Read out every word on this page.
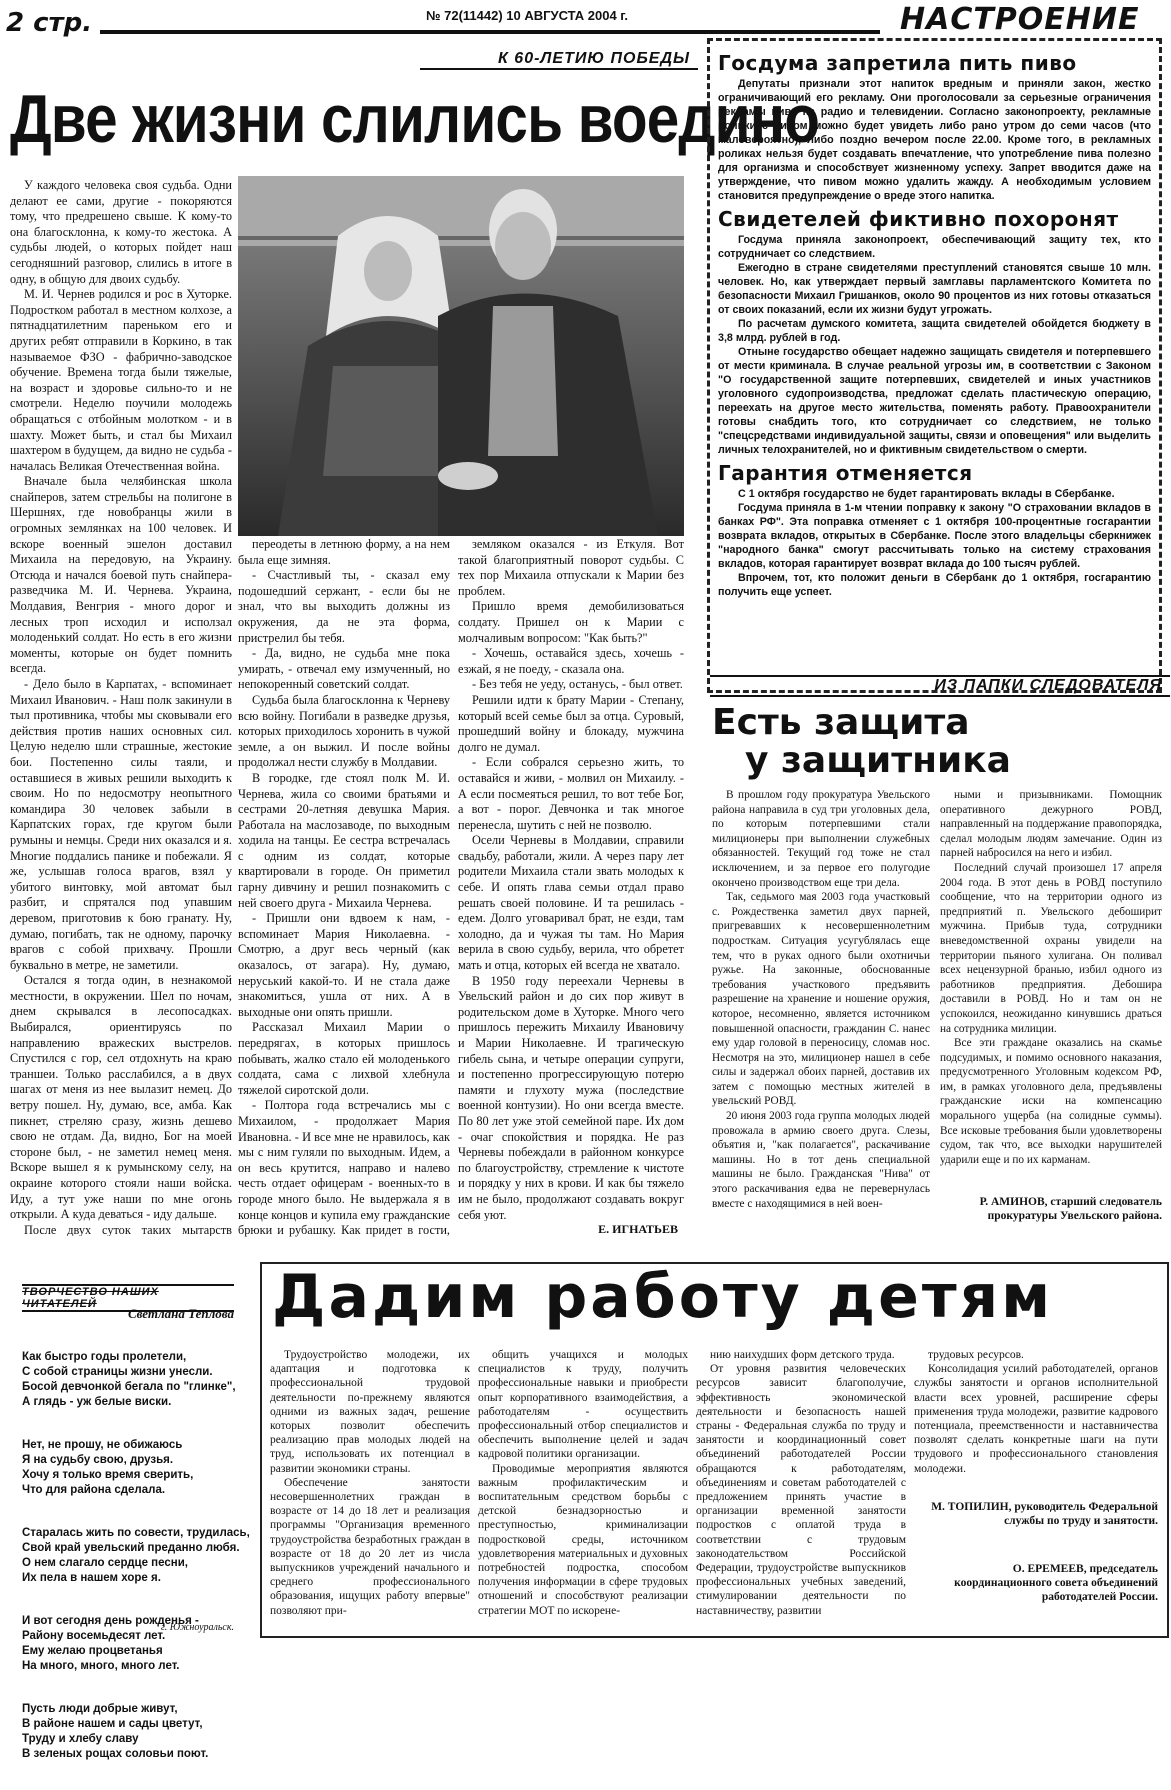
2 стр.	№ 72(11442) 10 АВГУСТА 2004 г.	НАСТРОЕНИЕ
К 60-ЛЕТИЮ ПОБЕДЫ
Две жизни слились воедино

У каждого человека своя судьба. Одни делают ее сами, другие - покоряются тому, что предрешено свыше. К кому-то она благосклонна, к кому-то жестока. А судьбы людей, о которых пойдет наш сегодняшний разговор, слились в итоге в одну, в общую для двоих судьбу.

М. И. Чернев родился и рос в Хуторке. Подростком работал в местном колхозе, а пятнадцатилетним пареньком его и других ребят отправили в Коркино, в так называемое ФЗО - фабрично-заводское обучение. Времена тогда были тяжелые, на возраст и здоровье сильно-то и не смотрели. Неделю поучили молодежь обращаться с отбойным молотком - и в шахту. Может быть, и стал бы Михаил шахтером в будущем, да видно не судьба - началась Великая Отечественная война.

Вначале была челябинская школа снайперов, затем стрельбы на полигоне в Шершнях, где новобранцы жили в огромных землянках на 100 человек. И вскоре военный эшелон доставил Михаила на передовую, на Украину. Отсюда и начался боевой путь снайпера-разведчика М. И. Чернева. Украина, Молдавия, Венгрия - много дорог и лесных троп исходил и исползал молоденький солдат. Но есть в его жизни моменты, которые он будет помнить всегда.

- Дело было в Карпатах, - вспоминает Михаил Иванович. - Наш полк закинули в тыл противника, чтобы мы сковывали его действия против наших основных сил. Целую неделю шли страшные, жестокие бои. Постепенно силы таяли, и оставшиеся в живых решили выходить к своим. Но по недосмотру неопытного командира 30 человек забыли в Карпатских горах, где кругом были румыны и немцы. Среди них оказался и я. Многие поддались панике и побежали. Я же, услышав голоса врагов, взял у убитого винтовку, мой автомат был разбит, и спрятался под упавшим деревом, приготовив к бою гранату. Ну, думаю, погибать, так не одному, парочку врагов с собой прихвачу. Прошли буквально в метре, не заметили.

Остался я тогда один, в незнакомой местности, в окружении. Шел по ночам, днем скрывался в лесопосадках. Выбирался, ориентируясь по направлению вражеских выстрелов. Спустился с гор, сел отдохнуть на краю траншеи. Только расслабился, а в двух шагах от меня из нее вылазит немец. До ветру пошел. Ну, думаю, все, амба. Как пикнет, стреляю сразу, жизнь дешево свою не отдам. Да, видно, Бог на моей стороне был, - не заметил немец меня. Вскоре вышел я к румынскому селу, на окраине которого стояли наши войска. Иду, а тут уже наши по мне огонь открыли. А куда деваться - иду дальше.

После двух суток таких мытарств

переодеты в летнюю форму, а на нем была еще зимняя.

- Счастливый ты, - сказал ему подошедший сержант, - если бы не знал, что вы выходить должны из окружения, да не эта форма, пристрелил бы тебя.

- Да, видно, не судьба мне пока умирать, - отвечал ему измученный, но непокоренный советский солдат.

Судьба была благосклонна к Черневу всю войну. Погибали в разведке друзья, которых приходилось хоронить в чужой земле, а он выжил. И после войны продолжал нести службу в Молдавии.

В городке, где стоял полк М. И. Чернева, жила со своими братьями и сестрами 20-летняя девушка Мария. Работала на маслозаводе, по выходным ходила на танцы. Ее сестра встречалась с одним из солдат, которые квартировали в городе. Он приметил гарну дивчину и решил познакомить с ней своего друга - Михаила Чернева.

- Пришли они вдвоем к нам, - вспоминает Мария Николаевна. - Смотрю, а друг весь черный (как оказалось, от загара). Ну, думаю, неруський какой-то. И не стала даже знакомиться, ушла от них. А в выходные они опять пришли.

Рассказал Михаил Марии о передрягах, в которых пришлось побывать, жалко стало ей молоденького солдата, сама с лихвой хлебнула тяжелой сиротской доли.

- Полтора года встречались мы с Михаилом, - продолжает Мария Ивановна. - И все мне не нравилось, как мы с ним гуляли по выходным. Идем, а он весь крутится, направо и налево честь отдает офицерам - военных-то в городе много было. Не выдержала я в конце концов и купила ему гражданские брюки и рубашку. Как придет в гости,

земляком оказался - из Еткуля. Вот такой благоприятный поворот судьбы. С тех пор Михаила отпускали к Марии без проблем.

Пришло время демобилизоваться солдату. Пришел он к Марии с молчаливым вопросом: "Как быть?"

- Хочешь, оставайся здесь, хочешь - езжай, я не поеду, - сказала она.

- Без тебя не уеду, останусь, - был ответ.

Решили идти к брату Марии - Степану, который всей семье был за отца. Суровый, прошедший войну и блокаду, мужчина долго не думал.

- Если собрался серьезно жить, то оставайся и живи, - молвил он Михаилу. - А если посмеяться решил, то вот тебе Бог, а вот - порог. Девчонка и так многое перенесла, шутить с ней не позволю.

Осели Черневы в Молдавии, справили свадьбу, работали, жили. А через пару лет родители Михаила стали звать молодых к себе. И опять глава семьи отдал право решать своей половине. И та решилась - едем. Долго уговаривал брат, не езди, там холодно, да и чужая ты там. Но Мария верила в свою судьбу, верила, что обретет мать и отца, которых ей всегда не хватало.

В 1950 году переехали Черневы в Увельский район и до сих пор живут в родительском доме в Хуторке. Много чего пришлось пережить Михаилу Ивановичу и Марии Николаевне. И трагическую гибель сына, и четыре операции супруги, и постепенно прогрессирующую потерю памяти и глухоту мужа (последствие военной контузии). Но они всегда вместе. По 80 лет уже этой семейной паре. Их дом - очаг спокойствия и порядка. Не раз Черневы побеждали в районном конкурсе по благоустройству, стремление к чистоте и порядку у них в крови. И как бы тяжело им не было, продолжают создавать вокруг себя уют.

Е. ИГНАТЬЕВ
Госдума запретила пить пиво

Депутаты признали этот напиток вредным и приняли закон, жестко ограничивающий его рекламу. Они проголосовали за серьезные ограничения рекламы пива на радио и телевидении. Согласно законопроекту, рекламные ролики с пивом можно будет увидеть либо рано утром до семи часов (что маловероятно), либо поздно вечером после 22.00. Кроме того, в рекламных роликах нельзя будет создавать впечатление, что употребление пива полезно для организма и способствует жизненному успеху. Запрет вводится даже на утверждение, что пивом можно удалить жажду. А необходимым условием становится предупреждение о вреде этого напитка.

Свидетелей фиктивно похоронят

Госдума приняла законопроект, обеспечивающий защиту тех, кто сотрудничает со следствием.

Ежегодно в стране свидетелями преступлений становятся свыше 10 млн. человек. Но, как утверждает первый замглавы парламентского Комитета по безопасности Михаил Гришанков, около 90 процентов из них готовы отказаться от своих показаний, если их жизни будут угрожать.

По расчетам думского комитета, защита свидетелей обойдется бюджету в 3,8 млрд. рублей в год.

Отныне государство обещает надежно защищать свидетеля и потерпевшего от мести криминала. В случае реальной угрозы им, в соответствии с Законом "О государственной защите потерпевших, свидетелей и иных участников уголовного судопроизводства, предложат сделать пластическую операцию, переехать на другое место жительства, поменять работу. Правоохранители готовы снабдить того, кто сотрудничает со следствием, не только "спецсредствами индивидуальной защиты, связи и оповещения" или выделить личных телохранителей, но и фиктивным свидетельством о смерти.

Гарантия отменяется

С 1 октября государство не будет гарантировать вклады в Сбербанке.

Госдума приняла в 1-м чтении поправку к закону "О страховании вкладов в банках РФ". Эта поправка отменяет с 1 октября 100-процентные госгарантии возврата вкладов, открытых в Сбербанке. После этого владельцы сберкнижек "народного банка" смогут рассчитывать только на систему страхования вкладов, которая гарантирует возврат вклада до 100 тысяч рублей.

Впрочем, тот, кто положит деньги в Сбербанк до 1 октября, госгарантию получить еще успеет.

ИЗ ПАПКИ СЛЕДОВАТЕЛЯ
Есть защита
у защитника

В прошлом году прокуратура Увельского района направила в суд три уголовных дела, по которым потерпевшими стали милиционеры при выполнении служебных обязанностей. Текущий год тоже не стал исключением, и за первое его полугодие окончено производством еще три дела.

Так, седьмого мая 2003 года участковый с. Рождественка заметил двух парней, пригревавших к несовершеннолетним подросткам. Ситуация усугублялась еще тем, что в руках одного были охотничьи ружье. На законные, обоснованные требования участкового предъявить разрешение на хранение и ношение оружия, которое, несомненно, является источником повышенной опасности, гражданин С. нанес ему удар головой в переносицу, сломав нос. Несмотря на это, милиционер нашел в себе силы и задержал обоих парней, доставив их затем с помощью местных жителей в увельский РОВД.

20 июня 2003 года группа молодых людей провожала в армию своего друга. Слезы, объятия и, "как полагается", раскачивание машины. Но в тот день специальной машины не было. Гражданская "Нива" от этого раскачивания едва не перевернулась вместе с находящимися в ней воен-

ными и призывниками. Помощник оперативного дежурного РОВД, направленный на поддержание правопорядка, сделал молодым людям замечание. Один из парней набросился на него и избил.

Последний случай произошел 17 апреля 2004 года. В этот день в РОВД поступило сообщение, что на территории одного из предприятий п. Увельского дебоширит мужчина. Прибыв туда, сотрудники вневедомственной охраны увидели на территории пьяного хулигана. Он поливал всех нецензурной бранью, избил одного из работников предприятия. Дебошира доставили в РОВД. Но и там он не успокоился, неожиданно кинувшись драться на сотрудника милиции.

Все эти граждане оказались на скамье подсудимых, и помимо основного наказания, предусмотренного Уголовным кодексом РФ, им, в рамках уголовного дела, предъявлены гражданские иски на компенсацию морального ущерба (на солидные суммы). Все исковые требования были удовлетворены судом, так что, все выходки нарушителей ударили еще и по их карманам.

Р. АМИНОВ, старший следователь прокуратуры Увельского района.
ТВОРЧЕСТВО НАШИХ ЧИТАТЕЛЕЙ
Светлана Теплова

Как быстро годы пролетели,
С собой страницы жизни унесли.
Босой девчонкой бегала по "глинке",
А глядь - уж белые виски.

Нет, не прошу, не обижаюсь
Я на судьбу свою, друзья.
Хочу я только время сверить,
Что для района сделала.

Старалась жить по совести, трудилась,
Свой край увельский преданно любя.
О нем слагало сердце песни,
Их пела в нашем хоре я.

И вот сегодня день рожденья -
Району восемьдесят лет.
Ему желаю процветанья
На много, много, много лет.

Пусть люди добрые живут,
В районе нашем и сады цветут,
Труду и хлебу славу
В зеленых рощах соловьи поют.

г. Южноуральск.
Дадим работу детям

Трудоустройство молодежи, их адаптация и подготовка к профессиональной трудовой деятельности по-прежнему являются одними из важных задач, решение которых позволит обеспечить реализацию прав молодых людей на труд, использовать их потенциал в развитии экономики страны.

Обеспечение занятости несовершеннолетних граждан в возрасте от 14 до 18 лет и реализация программы "Организация временного трудоустройства безработных граждан в возрасте от 18 до 20 лет из числа выпускников учреждений начального и среднего профессионального образования, ищущих работу впервые" позволяют при-

общить учащихся и молодых специалистов к труду, получить профессиональные навыки и приобрести опыт корпоративного взаимодействия, а работодателям - осуществить профессиональный отбор специалистов и обеспечить выполнение целей и задач кадровой политики организации.

Проводимые мероприятия являются важным профилактическим и воспитательным средством борьбы с детской безнадзорностью и преступностью, криминализации подростковой среды, источником удовлетворения материальных и духовных потребностей подростка, способом получения информации в сфере трудовых отношений и способствуют реализации стратегии МОТ по искорене-

нию наихудших форм детского труда.

От уровня развития человеческих ресурсов зависит благополучие, эффективность экономической деятельности и безопасность нашей страны - Федеральная служба по труду и занятости и координационный совет объединений работодателей России обращаются к работодателям, объединениям и советам работодателей с предложением принять участие в организации временной занятости подростков с оплатой труда в соответствии с трудовым законодательством Российской Федерации, трудоустройстве выпускников профессиональных учебных заведений, стимулировании деятельности по наставничеству, развитии

трудовых ресурсов.

Консолидация усилий работодателей, органов службы занятости и органов исполнительной власти всех уровней, расширение сферы применения труда молодежи, развитие кадрового потенциала, преемственности и наставничества позволят сделать конкретные шаги на пути трудового и профессионального становления молодежи.

М. ТОПИЛИН, руководитель Федеральной службы по труду и занятости.
О. ЕРЕМЕЕВ, председатель координационного совета объединений работодателей России.
